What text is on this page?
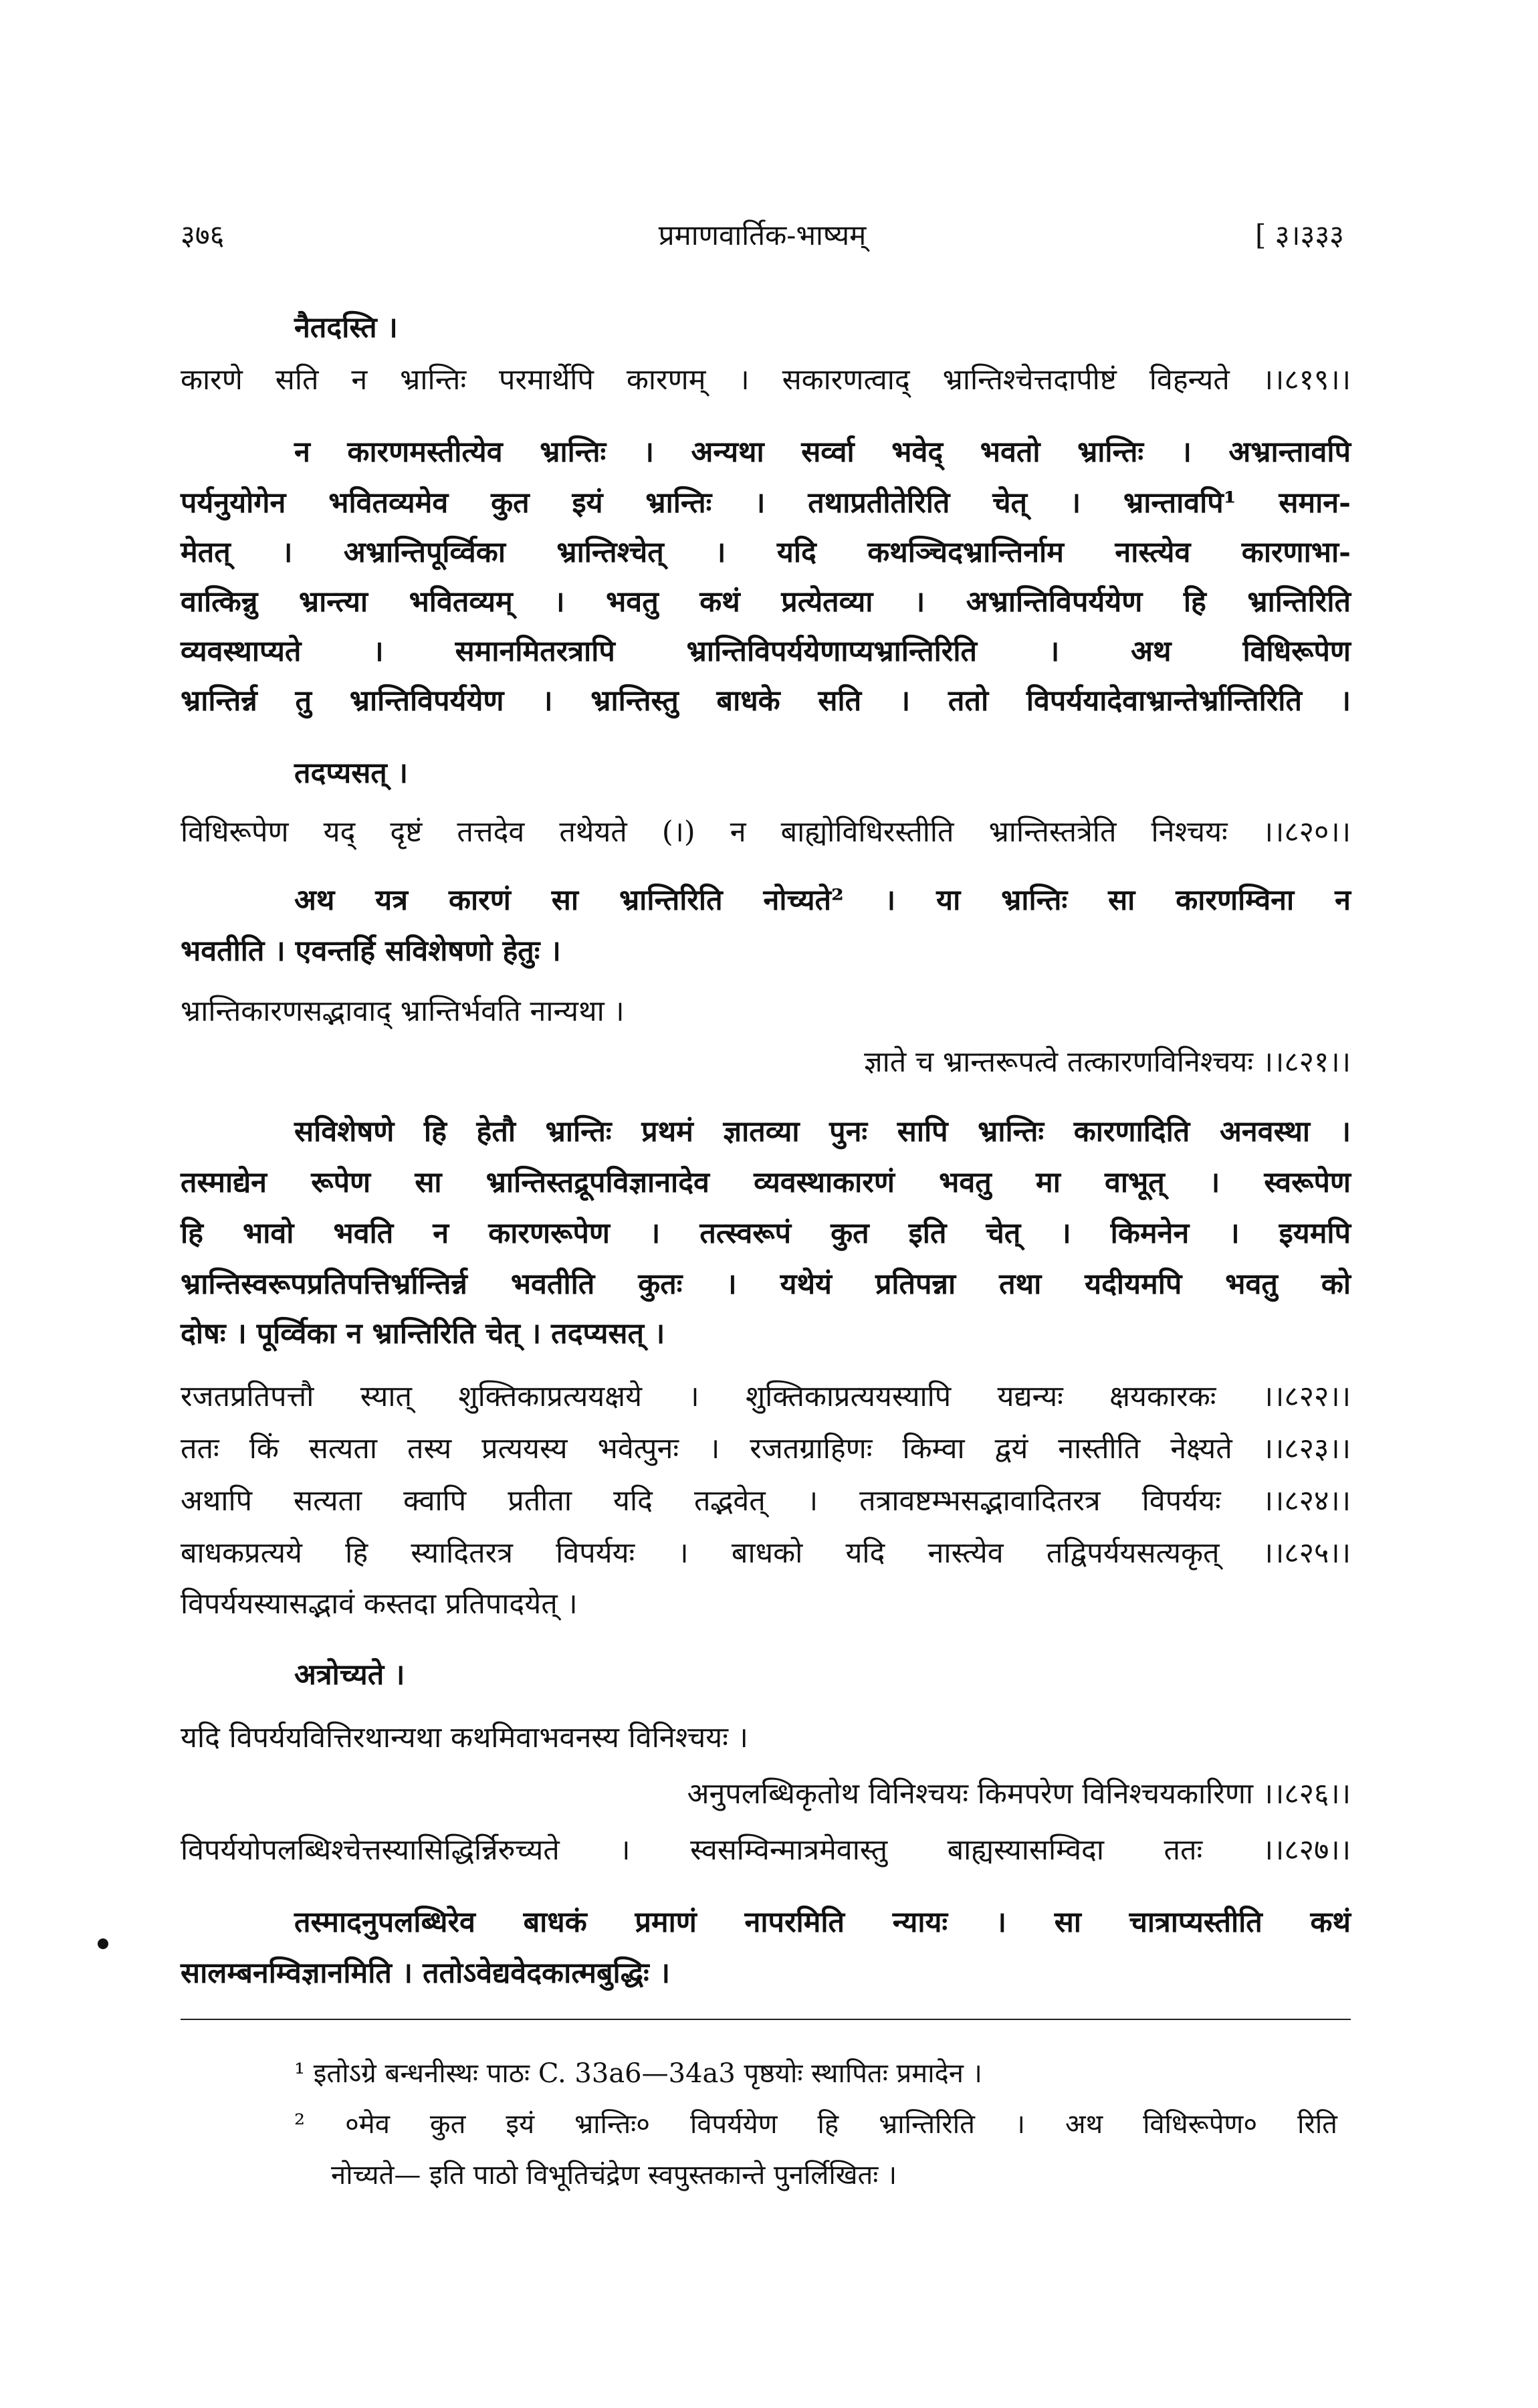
३७६	प्रमाणवार्तिक-भाष्यम्	[ ३।३३३
नैतदस्ति ।
कारणे सति न भ्रान्तिः परमार्थेपि कारणम् । सकारणत्वाद् भ्रान्तिश्चेत्तदापीष्टं विहन्यते ।।८१९।।
न कारणमस्तीत्येव भ्रान्तिः । अन्यथा सर्व्वा भवेद् भवतो भ्रान्तिः । अभ्रान्तावपि
पर्यनुयोगेन भवितव्यमेव कुत इयं भ्रान्तिः । तथाप्रतीतेरिति चेत् । भ्रान्तावपि¹ समान-
मेतत् । अभ्रान्तिपूर्व्विका भ्रान्तिश्चेत् । यदि कथञ्चिदभ्रान्तिर्नाम नास्त्येव कारणाभा-
वात्किन्नु भ्रान्त्या भवितव्यम् । भवतु कथं प्रत्येतव्या । अभ्रान्तिविपर्ययेण हि भ्रान्तिरिति
व्यवस्थाप्यते । समानमितरत्रापि भ्रान्तिविपर्ययेणाप्यभ्रान्तिरिति । अथ विधिरूपेण
भ्रान्तिर्न्न तु भ्रान्तिविपर्ययेण । भ्रान्तिस्तु बाधके सति । ततो विपर्ययादेवाभ्रान्तेर्भ्रान्तिरिति ।
तदप्यसत् ।
विधिरूपेण यद् दृष्टं तत्तदेव तथेयते (।) न बाह्योविधिरस्तीति भ्रान्तिस्तत्रेति निश्चयः ।।८२०।।
अथ यत्र कारणं सा भ्रान्तिरिति नोच्यते² । या भ्रान्तिः सा कारणम्विना न
भवतीति । एवन्तर्हि सविशेषणो हेतुः ।
भ्रान्तिकारणसद्भावाद् भ्रान्तिर्भवति नान्यथा ।
ज्ञाते च भ्रान्तरूपत्वे तत्कारणविनिश्चयः ।।८२१।।
सविशेषणे हि हेतौ भ्रान्तिः प्रथमं ज्ञातव्या पुनः सापि भ्रान्तिः कारणादिति अनवस्था ।
तस्माद्येन रूपेण सा भ्रान्तिस्तद्रूपविज्ञानादेव व्यवस्थाकारणं भवतु मा वाभूत् । स्वरूपेण
हि भावो भवति न कारणरूपेण । तत्स्वरूपं कुत इति चेत् । किमनेन । इयमपि
भ्रान्तिस्वरूपप्रतिपत्तिर्भ्रान्तिर्न्न भवतीति कुतः । यथेयं प्रतिपन्ना तथा यदीयमपि भवतु को
दोषः । पूर्व्विका न भ्रान्तिरिति चेत् । तदप्यसत् ।
रजतप्रतिपत्तौ स्यात् शुक्तिकाप्रत्ययक्षये । शुक्तिकाप्रत्ययस्यापि यद्यन्यः क्षयकारकः ।।८२२।।
ततः किं सत्यता तस्य प्रत्ययस्य भवेत्पुनः । रजतग्राहिणः किम्वा द्वयं नास्तीति नेक्ष्यते ।।८२३।।
अथापि सत्यता क्वापि प्रतीता यदि तद्भवेत् । तत्रावष्टम्भसद्भावादितरत्र विपर्ययः ।।८२४।।
बाधकप्रत्यये हि स्यादितरत्र विपर्ययः । बाधको यदि नास्त्येव तद्विपर्ययसत्यकृत् ।।८२५।।
विपर्ययस्यासद्भावं कस्तदा प्रतिपादयेत् ।
अत्रोच्यते ।
यदि विपर्ययवित्तिरथान्यथा कथमिवाभवनस्य विनिश्चयः ।
अनुपलब्धिकृतोथ विनिश्चयः किमपरेण विनिश्चयकारिणा ।।८२६।।
विपर्ययोपलब्धिश्चेत्तस्यासिद्धिर्न्निरुच्यते । स्वसम्विन्मात्रमेवास्तु बाह्यस्यासम्विदा ततः ।।८२७।।
तस्मादनुपलब्धिरेव बाधकं प्रमाणं नापरमिति न्यायः । सा चात्राप्यस्तीति कथं
सालम्बनम्विज्ञानमिति । ततोऽवेद्यवेदकात्मबुद्धिः ।
¹ इतोऽग्रे बन्धनीस्थः पाठः C. 33a6—34a3 पृष्ठयोः स्थापितः प्रमादेन ।
² ०मेव कुत इयं भ्रान्तिः० विपर्ययेण हि भ्रान्तिरिति । अथ विधिरूपेण० रिति
नोच्यते— इति पाठो विभूतिचंद्रेण स्वपुस्तकान्ते पुनर्लिखितः ।
